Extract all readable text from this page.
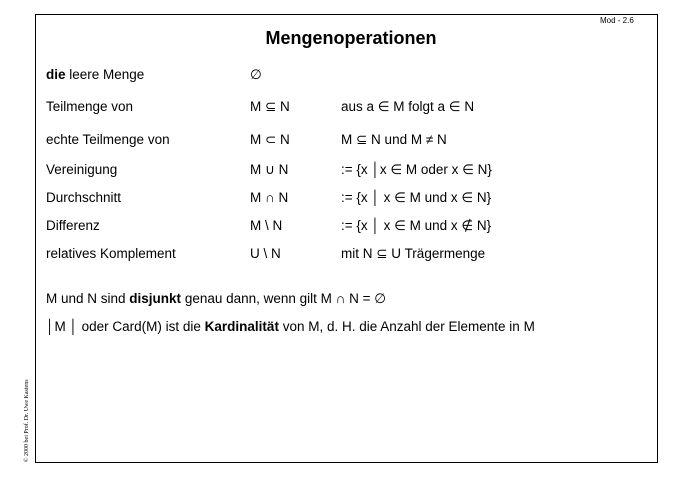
Mod - 2.6
Mengenoperationen
die leere Menge	∅
Teilmenge von	M ⊆ N	aus a ∈ M folgt a ∈ N
echte Teilmenge von	M ⊂ N	M ⊆ N und M ≠ N
Vereinigung	M ∪ N	:= {x │x ∈ M oder x ∈ N}
Durchschnitt	M ∩ N	:= {x │ x ∈ M und x ∈ N}
Differenz	M \ N	:= {x │ x ∈ M und x ∉ N}
relatives Komplement	U \ N	mit N ⊆ U Trägermenge
M und N sind disjunkt genau dann, wenn gilt M ∩ N = ∅
│M │ oder Card(M) ist die Kardinalität von M, d. H. die Anzahl der Elemente in M
© 2000 bei Prof. Dr. Uwe Kastens
